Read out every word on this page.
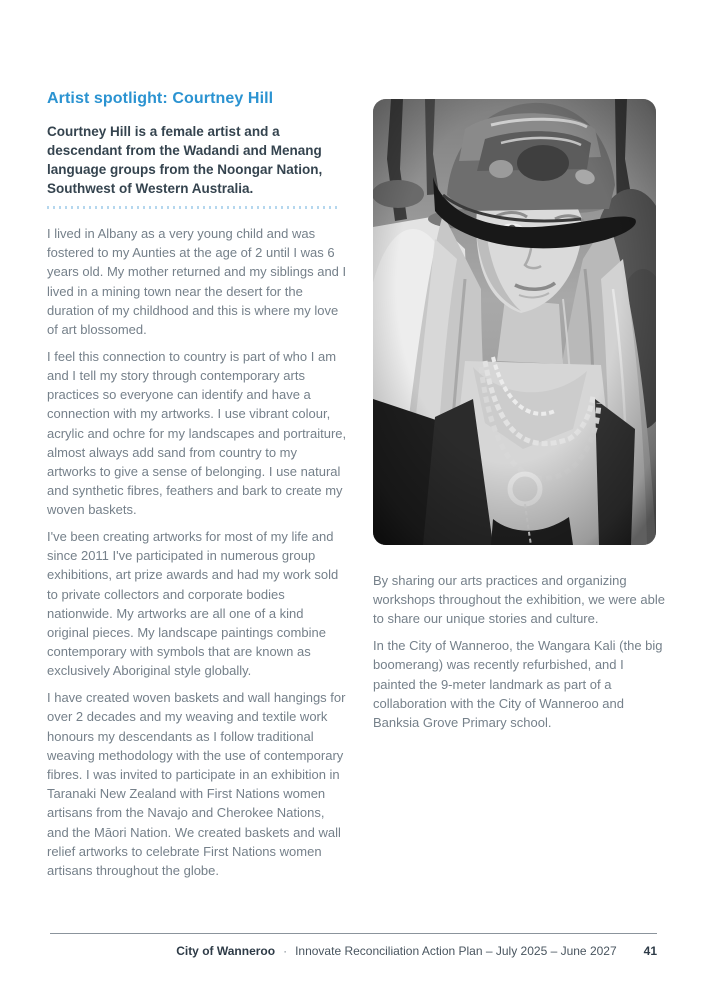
Artist spotlight: Courtney Hill

Courtney Hill is a female artist and a descendant from the Wadandi and Menang language groups from the Noongar Nation, Southwest of Western Australia.

I lived in Albany as a very young child and was fostered to my Aunties at the age of 2 until I was 6 years old. My mother returned and my siblings and I lived in a mining town near the desert for the duration of my childhood and this is where my love of art blossomed.

I feel this connection to country is part of who I am and I tell my story through contemporary arts practices so everyone can identify and have a connection with my artworks. I use vibrant colour, acrylic and ochre for my landscapes and portraiture, almost always add sand from country to my artworks to give a sense of belonging. I use natural and synthetic fibres, feathers and bark to create my woven baskets.

I've been creating artworks for most of my life and since 2011 I've participated in numerous group exhibitions, art prize awards and had my work sold to private collectors and corporate bodies nationwide. My artworks are all one of a kind original pieces. My landscape paintings combine contemporary with symbols that are known as exclusively Aboriginal style globally.

I have created woven baskets and wall hangings for over 2 decades and my weaving and textile work honours my descendants as I follow traditional weaving methodology with the use of contemporary fibres. I was invited to participate in an exhibition in Taranaki New Zealand with First Nations women artisans from the Navajo and Cherokee Nations, and the Māori Nation. We created baskets and wall relief artworks to celebrate First Nations women artisans throughout the globe.

By sharing our arts practices and organizing workshops throughout the exhibition, we were able to share our unique stories and culture.

In the City of Wanneroo, the Wangara Kali (the big boomerang) was recently refurbished, and I painted the 9-meter landmark as part of a collaboration with the City of Wanneroo and Banksia Grove Primary school.

City of Wanneroo · Innovate Reconciliation Action Plan – July 2025 – June 2027 41
